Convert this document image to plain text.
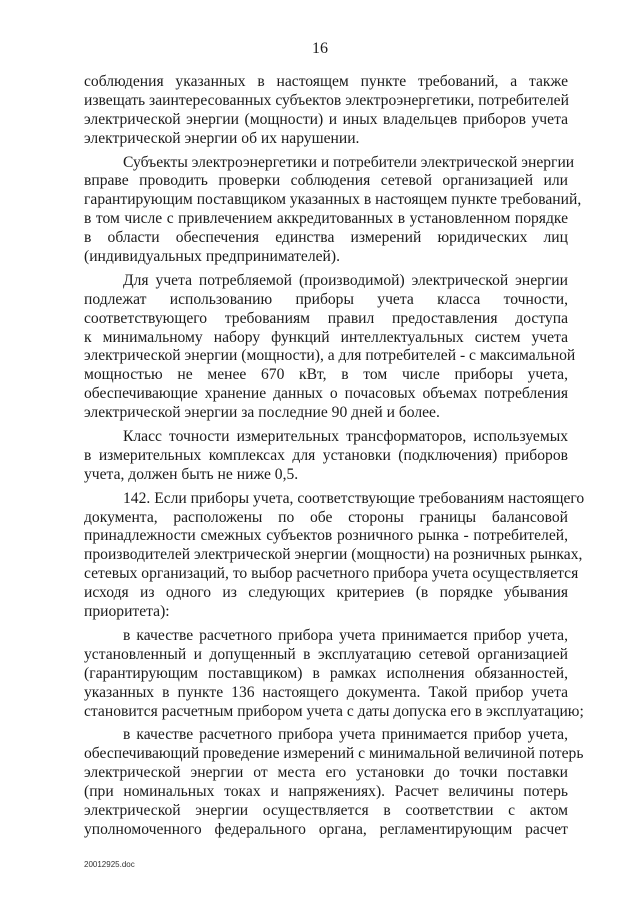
16
соблюдения указанных в настоящем пункте требований, а также
извещать заинтересованных субъектов электроэнергетики, потребителей
электрической энергии (мощности) и иных владельцев приборов учета
электрической энергии об их нарушении.
Субъекты электроэнергетики и потребители электрической энергии
вправе проводить проверки соблюдения сетевой организацией или
гарантирующим поставщиком указанных в настоящем пункте требований,
в том числе с привлечением аккредитованных в установленном порядке
в области обеспечения единства измерений юридических лиц
(индивидуальных предпринимателей).
Для учета потребляемой (производимой) электрической энергии
подлежат использованию приборы учета класса точности,
соответствующего требованиям правил предоставления доступа
к минимальному набору функций интеллектуальных систем учета
электрической энергии (мощности), а для потребителей - с максимальной
мощностью не менее 670 кВт, в том числе приборы учета,
обеспечивающие хранение данных о почасовых объемах потребления
электрической энергии за последние 90 дней и более.
Класс точности измерительных трансформаторов, используемых
в измерительных комплексах для установки (подключения) приборов
учета, должен быть не ниже 0,5.
142. Если приборы учета, соответствующие требованиям настоящего
документа, расположены по обе стороны границы балансовой
принадлежности смежных субъектов розничного рынка - потребителей,
производителей электрической энергии (мощности) на розничных рынках,
сетевых организаций, то выбор расчетного прибора учета осуществляется
исходя из одного из следующих критериев (в порядке убывания
приоритета):
в качестве расчетного прибора учета принимается прибор учета,
установленный и допущенный в эксплуатацию сетевой организацией
(гарантирующим поставщиком) в рамках исполнения обязанностей,
указанных в пункте 136 настоящего документа. Такой прибор учета
становится расчетным прибором учета с даты допуска его в эксплуатацию;
в качестве расчетного прибора учета принимается прибор учета,
обеспечивающий проведение измерений с минимальной величиной потерь
электрической энергии от места его установки до точки поставки
(при номинальных токах и напряжениях). Расчет величины потерь
электрической энергии осуществляется в соответствии с актом
уполномоченного федерального органа, регламентирующим расчет
20012925.doc
